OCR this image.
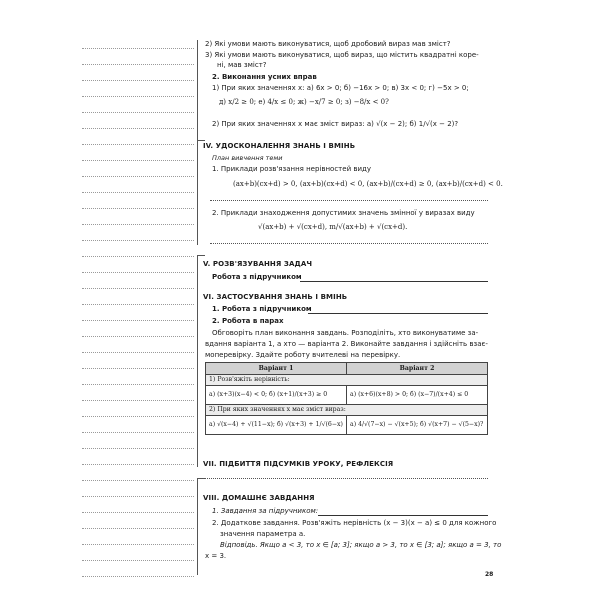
2) Які умови мають виконуватися, щоб дробовий вираз мав зміст?
3) Які умови мають виконуватися, щоб вираз, що містить квадратні коре-
ні, мав зміст?
2. Виконання усних вправ
1) При яких значеннях x: а) 6x > 0; б) −16x > 0; в) 3x < 0; г) −5x > 0;
д) x/2 ≥ 0; е) 4/x ≤ 0; ж) −x/7 ≥ 0; з) −8/x < 0?
2) При яких значеннях x має зміст вираз: а) √(x − 2); б) 1/√(x − 2)?
IV. УДОСКОНАЛЕННЯ ЗНАНЬ І ВМІНЬ
План вивчення теми
1. Приклади розв'язання нерівностей виду
(ax+b)(cx+d) > 0, (ax+b)(cx+d) < 0, (ax+b)/(cx+d) ≥ 0, (ax+b)/(cx+d) < 0.
2. Приклади знаходження допустимих значень змінної у виразах виду
√(ax+b) + √(cx+d), m/√(ax+b) + √(cx+d).
V. РОЗВ'ЯЗУВАННЯ ЗАДАЧ
Робота з підручником
VI. ЗАСТОСУВАННЯ ЗНАНЬ І ВМІНЬ
1. Робота з підручником
2. Робота в парах
Обговоріть план виконання завдань. Розподіліть, хто виконуватиме за-
вдання варіанта 1, а хто — варіанта 2. Виконайте завдання і здійсніть взає-
моперевірку. Здайте роботу вчителеві на перевірку.
Варіант 1	Варіант 2
1) Розв'яжіть нерівність:	
а) (x+3)(x−4) < 0; б) (x+1)/(x+3) ≥ 0	а) (x+6)(x+8) > 0; б) (x−7)/(x+4) ≤ 0
2) При яких значеннях x має зміст вираз:	
а) √(x−4) + √(11−x); б) √(x+3) + 1/√(6−x)	а) 4/√(7−x) − √(x+5); б) √(x+7) − √(5−x)?
VII. ПІДБИТТЯ ПІДСУМКІВ УРОКУ, РЕФЛЕКСІЯ
VIII. ДОМАШНЄ ЗАВДАННЯ
1. Завдання за підручником:
2. Додаткове завдання. Розв'яжіть нерівність (x − 3)(x − a) ≤ 0 для кожного
значення параметра a.
Відповідь. Якщо a < 3, то x ∈ [a; 3]; якщо a > 3, то x ∈ [3; a]; якщо a = 3, то
x = 3.
28
